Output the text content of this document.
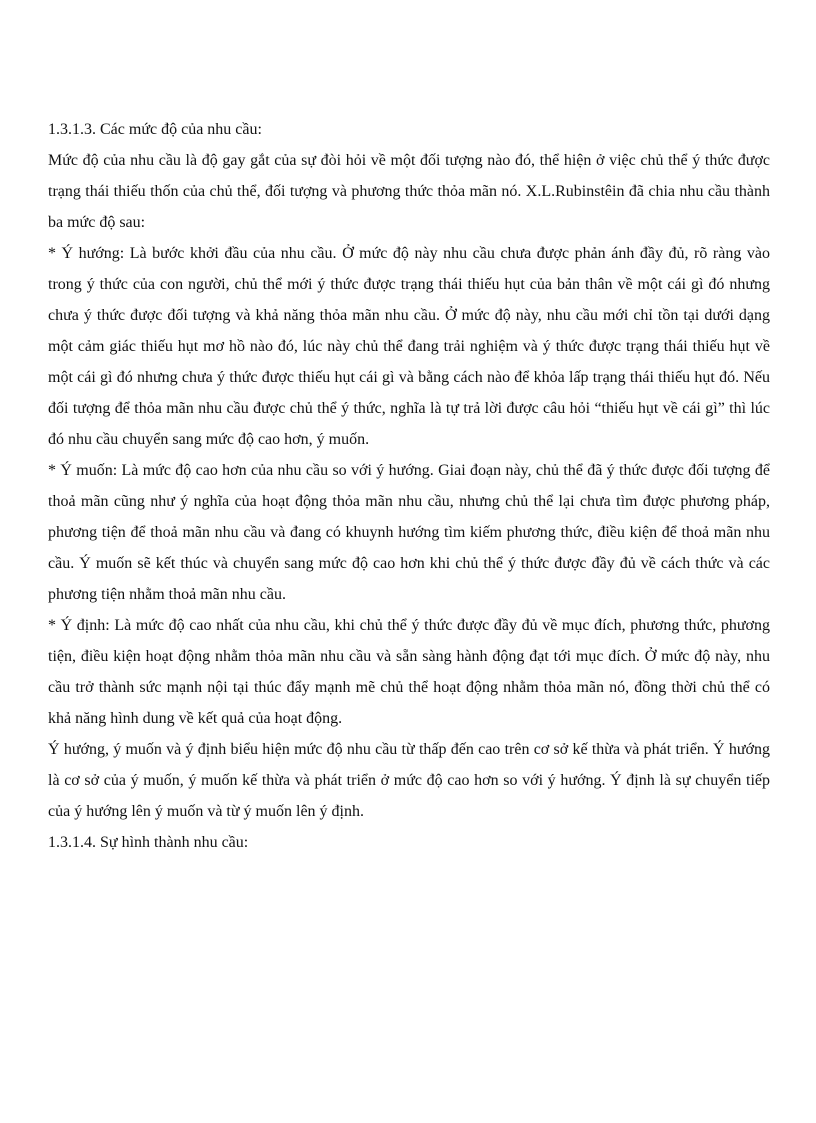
1.3.1.3. Các mức độ của nhu cầu:

Mức độ của nhu cầu là độ gay gắt của sự đòi hỏi về một đối tượng nào đó, thể hiện ở việc chủ thể ý thức được trạng thái thiếu thốn của chủ thể, đối tượng và phương thức thỏa mãn nó. X.L.Rubinstêin đã chia nhu cầu thành ba mức độ sau:

* Ý hướng: Là bước khởi đầu của nhu cầu. Ở mức độ này nhu cầu chưa được phản ánh đầy đủ, rõ ràng vào trong ý thức của con người, chủ thể mới ý thức được trạng thái thiếu hụt của bản thân về một cái gì đó nhưng chưa ý thức được đối tượng và khả năng thỏa mãn nhu cầu. Ở mức độ này, nhu cầu mới chỉ tồn tại dưới dạng một cảm giác thiếu hụt mơ hồ nào đó, lúc này chủ thể đang trải nghiệm và ý thức được trạng thái thiếu hụt về một cái gì đó nhưng chưa ý thức được thiếu hụt cái gì và bằng cách nào để khỏa lấp trạng thái thiếu hụt đó. Nếu đối tượng để thỏa mãn nhu cầu được chủ thể ý thức, nghĩa là tự trả lời được câu hỏi “thiếu hụt về cái gì” thì lúc đó nhu cầu chuyển sang mức độ cao hơn, ý muốn.

* Ý muốn: Là mức độ cao hơn của nhu cầu so với ý hướng. Giai đoạn này, chủ thể đã ý thức được đối tượng để thoả mãn cũng như ý nghĩa của hoạt động thỏa mãn nhu cầu, nhưng chủ thể lại chưa tìm được phương pháp, phương tiện để thoả mãn nhu cầu và đang có khuynh hướng tìm kiếm phương thức, điều kiện để thoả mãn nhu cầu. Ý muốn sẽ kết thúc và chuyển sang mức độ cao hơn khi chủ thể ý thức được đầy đủ về cách thức và các phương tiện nhằm thoả mãn nhu cầu.

* Ý định: Là mức độ cao nhất của nhu cầu, khi chủ thể ý thức được đầy đủ về mục đích, phương thức, phương tiện, điều kiện hoạt động nhằm thỏa mãn nhu cầu và sẵn sàng hành động đạt tới mục đích. Ở mức độ này, nhu cầu trở thành sức mạnh nội tại thúc đẩy mạnh mẽ chủ thể hoạt động nhằm thỏa mãn nó, đồng thời chủ thể có khả năng hình dung về kết quả của hoạt động.

Ý hướng, ý muốn và ý định biểu hiện mức độ nhu cầu từ thấp đến cao trên cơ sở kế thừa và phát triển. Ý hướng là cơ sở của ý muốn, ý muốn kế thừa và phát triển ở mức độ cao hơn so với ý hướng. Ý định là sự chuyển tiếp của ý hướng lên ý muốn và từ ý muốn lên ý định.

1.3.1.4. Sự hình thành nhu cầu:
